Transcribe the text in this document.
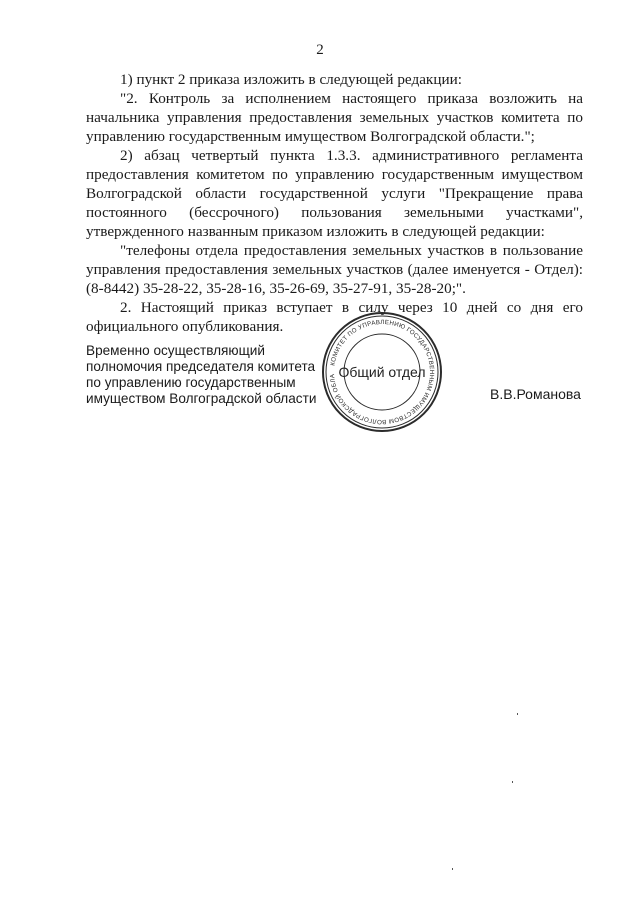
2

1) пункт 2 приказа изложить в следующей редакции:

"2. Контроль за исполнением настоящего приказа возложить на начальника управления предоставления земельных участков комитета по управлению государственным имуществом Волгоградской области.";

2) абзац четвертый пункта 1.3.3. административного регламента предоставления комитетом по управлению государственным имуществом Волгоградской области государственной услуги "Прекращение права постоянного (бессрочного) пользования земельными участками", утвержденного названным приказом изложить в следующей редакции:

"телефоны отдела предоставления земельных участков в пользование управления предоставления земельных участков (далее именуется - Отдел): (8-8442) 35-28-22, 35-28-16, 35-26-69, 35-27-91, 35-28-20;".

2. Настоящий приказ вступает в силу через 10 дней со дня его официального опубликования.

Временно осуществляющий
полномочия председателя комитета
по управлению государственным
имуществом Волгоградской области
КОМИТЕТ ПО УПРАВЛЕНИЮ ГОСУДАРСТВЕННЫМ ИМУЩЕСТВОМ ВОЛГОГРАДСКОЙ ОБЛА Общий отдел
В.В.Романова
